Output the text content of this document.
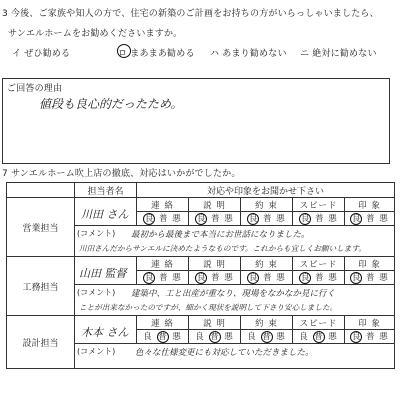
3 今後、ご家族や知人の方で、住宅の新築のご計画をお持ちの方がいらっしゃいましたら、
サンエルホームをお勧めくださいますか。
イ ぜひ勧める	ロ まあまあ勧める ハ あまり勧めない ニ 絶対に勧めない
ご回答の理由
値段も良心的だったため。
7 サンエルホーム吹上店の撤底、対応はいかがでしたか。
	担当者名	対応や印象をお聞かせ下さい				
営業担当	川田 さん	連 絡	説 明	約 束	スピード	印 象
		良 普 悪	良 普 悪	良 普 悪	良 普 悪	良 普 悪

	(コメント) 最初から最後まで本当にお世話になりました。
川田さんだからサンエルに決めたようなものです。これからも宜しくお願いします。					

工務担当	山田 監督	連 絡	説 明	約 束	スピード	印 象
		良 普 悪	良 普 悪	良 普 悪	良 普 悪	良 普 悪

	(コメント) 建築中、工と出産が重なり、現場をなかなか見に行く
ことが出来なかったのですが、細かく現状を説明して下さり安心しました。					

設計担当	木本 さん	連 絡	説 明	約 束	スピード	印 象
		良 普 悪	良 普 悪	良 普 悪	良 普 悪	良 普 悪

	(コメント) 色々な仕様変更にも対応していただきました。					
